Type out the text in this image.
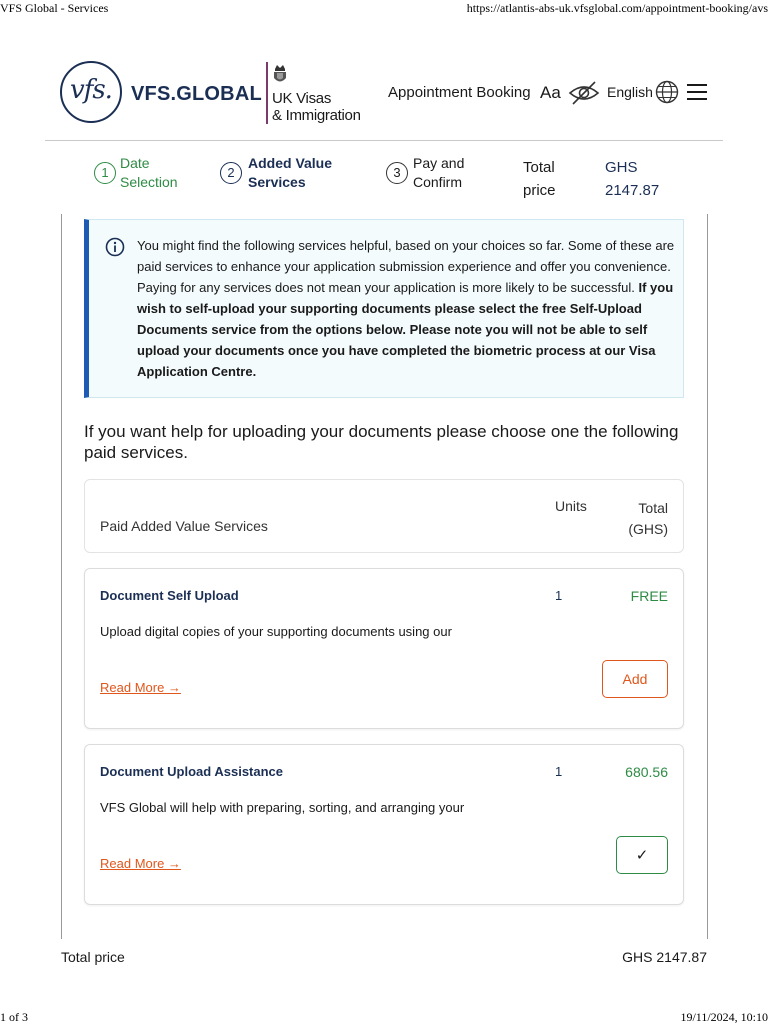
VFS Global - Services	https://atlantis-abs-uk.vfsglobal.com/appointment-booking/avs
vfs. VFS.GLOBAL UK Visas
& Immigration
Appointment Booking Aa	English
1
Date
Selection
2
Added Value
Services
3
Pay and
Confirm
Total
price
GHS
2147.87
You might find the following services helpful, based on your choices so far. Some of these are paid services to enhance your application submission experience and offer you convenience. Paying for any services does not mean your application is more likely to be successful. If you wish to self-upload your supporting documents please select the free Self-Upload Documents service from the options below. Please note you will not be able to self upload your documents once you have completed the biometric process at our Visa Application Centre.
If you want help for uploading your documents please choose one the following paid services.
Paid Added Value Services
Units	Total
(GHS)
Document Self Upload	1	FREE
Upload digital copies of your supporting documents using our
Read More →
Add
Document Upload Assistance	1	680.56
VFS Global will help with preparing, sorting, and arranging your
Read More →	✓
Total price	GHS 2147.87
1 of 3	19/11/2024, 10:10
